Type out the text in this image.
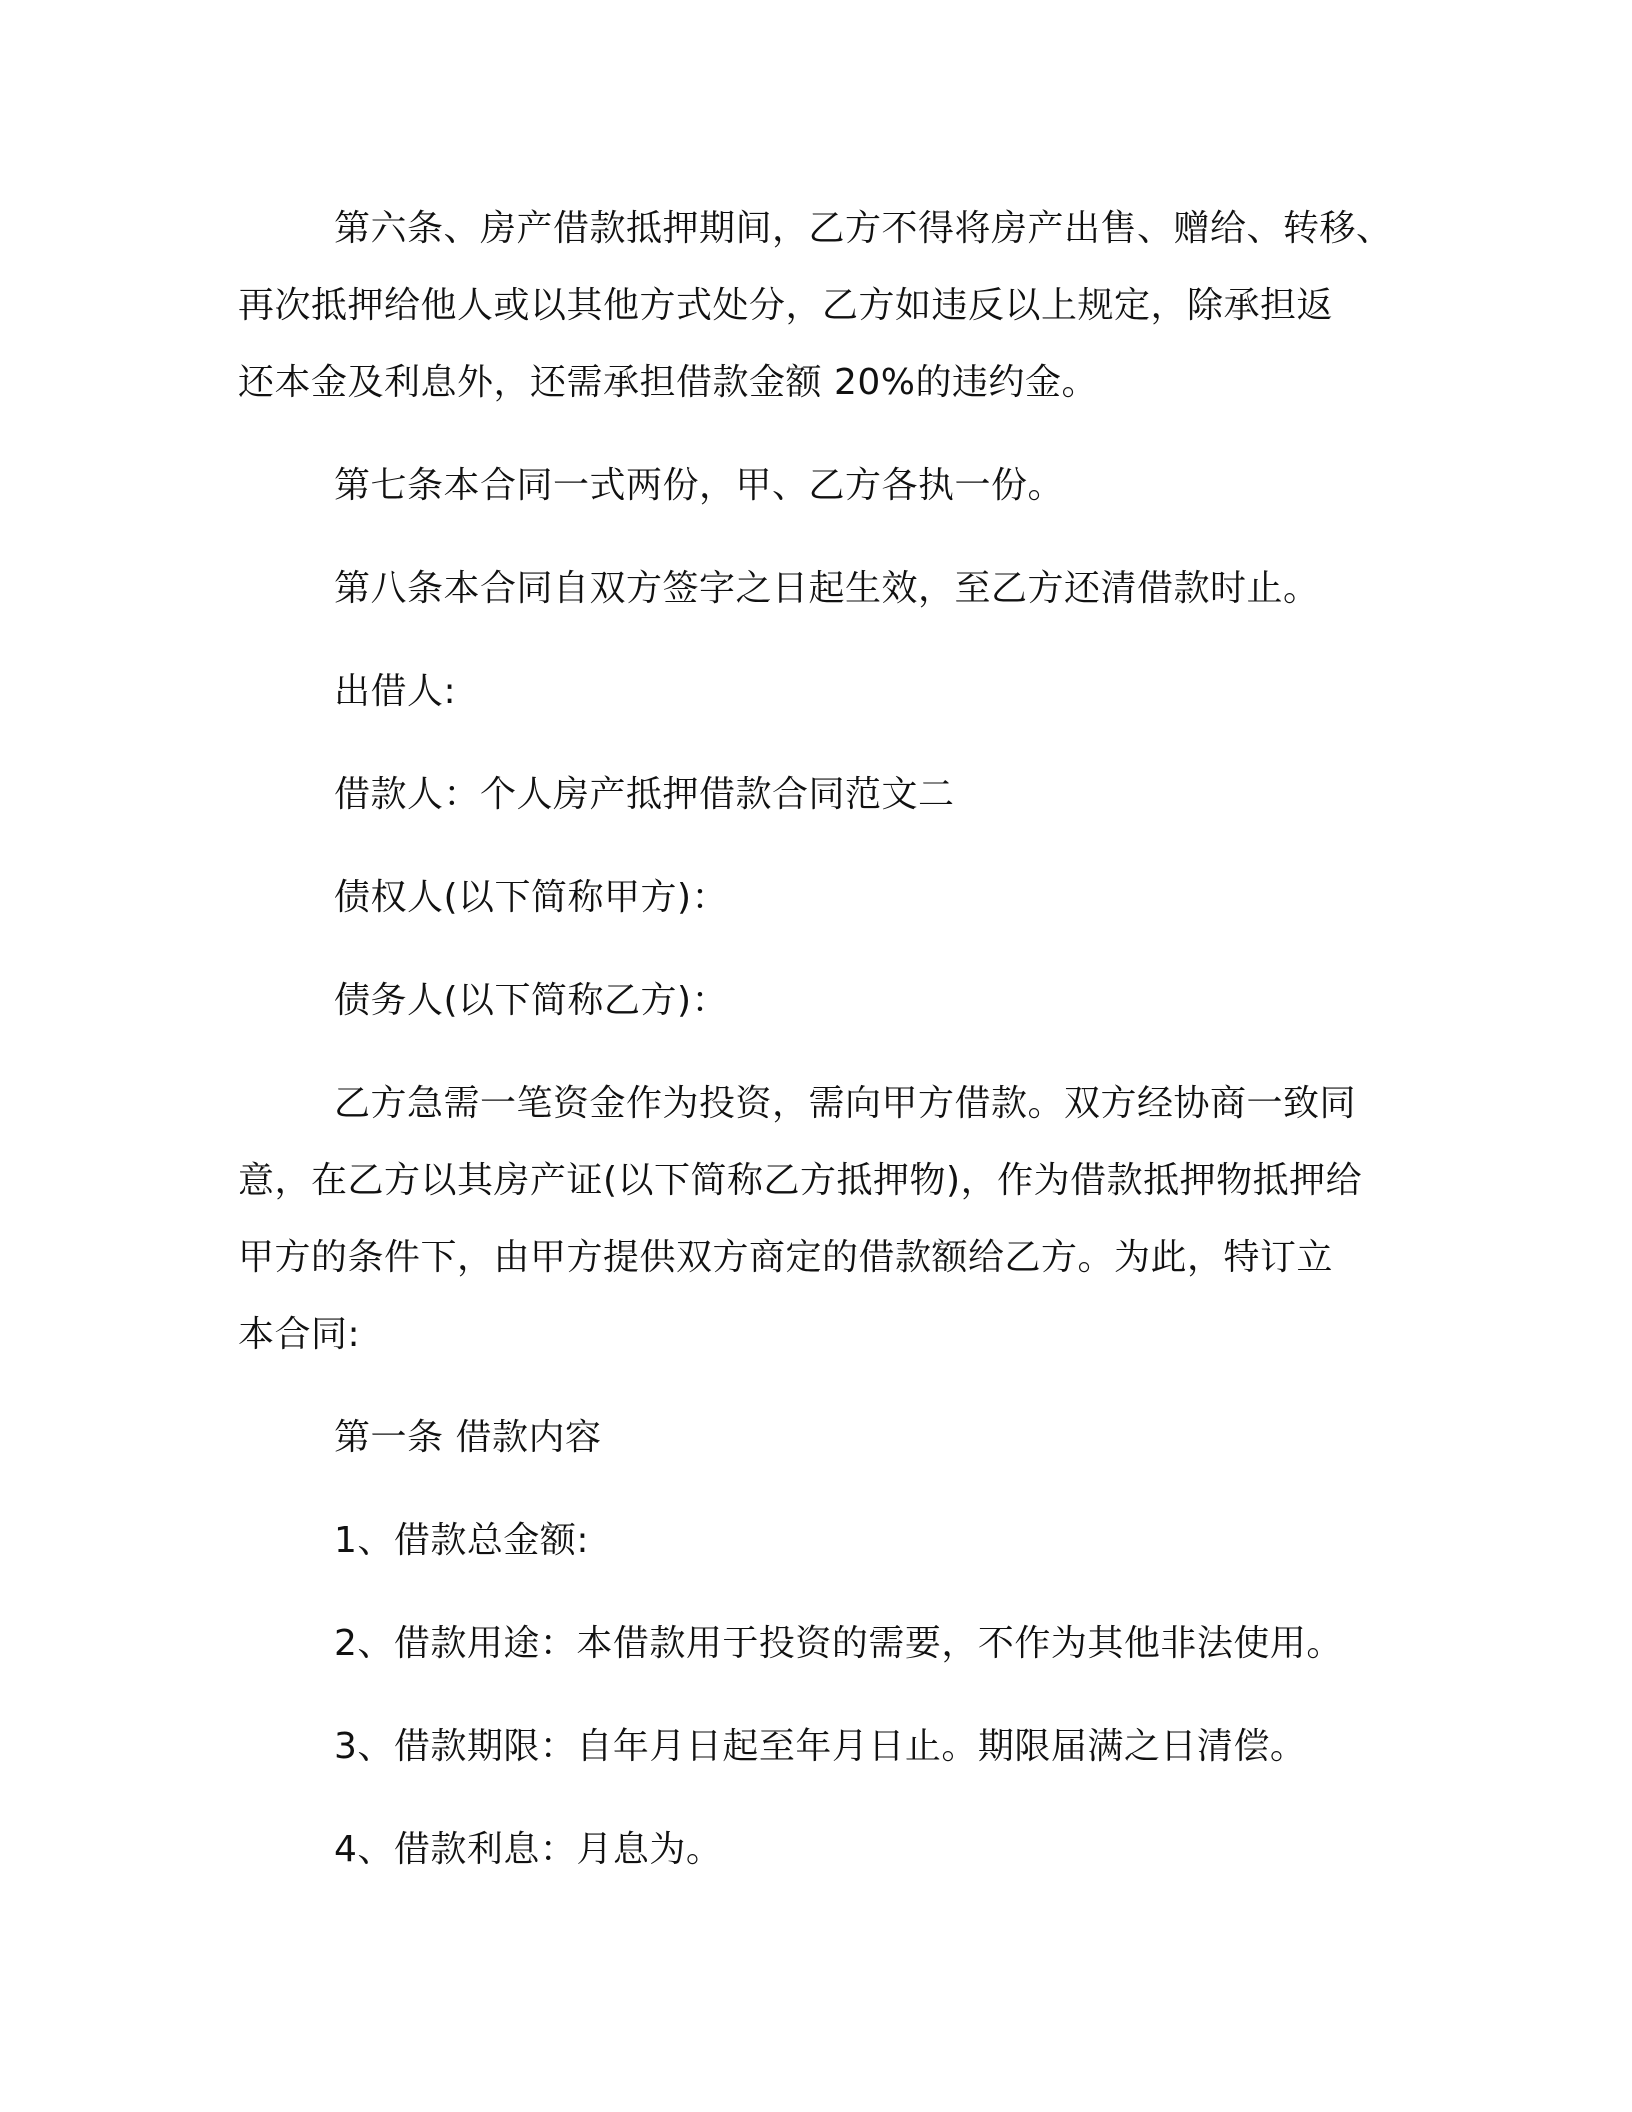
第六条、房产借款抵押期间，乙方不得将房产出售、赠给、转移、
再次抵押给他人或以其他方式处分，乙方如违反以上规定，除承担返
还本金及利息外，还需承担借款金额 20%的违约金。

第七条本合同一式两份，甲、乙方各执一份。

第八条本合同自双方签字之日起生效，至乙方还清借款时止。

出借人:

借款人：个人房产抵押借款合同范文二

债权人(以下简称甲方)：

债务人(以下简称乙方)：

乙方急需一笔资金作为投资，需向甲方借款。双方经协商一致同
意，在乙方以其房产证(以下简称乙方抵押物)，作为借款抵押物抵押给
甲方的条件下，由甲方提供双方商定的借款额给乙方。为此，特订立
本合同:

第一条 借款内容

1、借款总金额:

2、借款用途：本借款用于投资的需要，不作为其他非法使用。

3、借款期限：自年月日起至年月日止。期限届满之日清偿。

4、借款利息：月息为。
